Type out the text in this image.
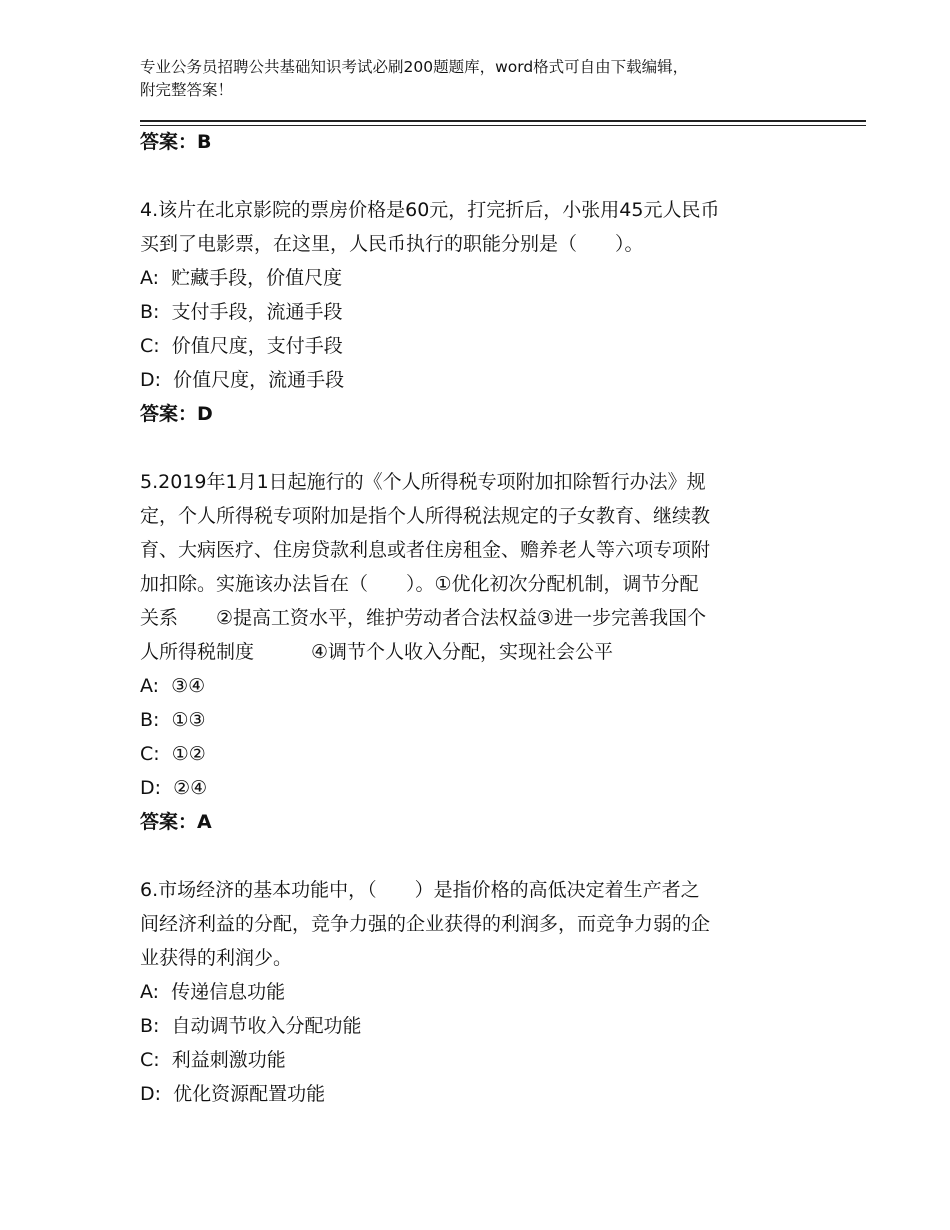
专业公务员招聘公共基础知识考试必刷200题题库，word格式可自由下载编辑，
附完整答案！

答案：B

4.该片在北京影院的票房价格是60元，打完折后，小张用45元人民币

买到了电影票，在这里，人民币执行的职能分别是（　　）。

A:  贮藏手段，价值尺度

B:  支付手段，流通手段

C:  价值尺度，支付手段

D:  价值尺度，流通手段

答案：D

5.2019年1月1日起施行的《个人所得税专项附加扣除暂行办法》规

定，个人所得税专项附加是指个人所得税法规定的子女教育、继续教

育、大病医疗、住房贷款利息或者住房租金、赡养老人等六项专项附

加扣除。实施该办法旨在（　　）。①优化初次分配机制，调节分配

关系　　②提高工资水平，维护劳动者合法权益③进一步完善我国个

人所得税制度　　　④调节个人收入分配，实现社会公平

A:  ③④

B:  ①③

C:  ①②

D:  ②④

答案：A

6.市场经济的基本功能中，（　　）是指价格的高低决定着生产者之

间经济利益的分配，竞争力强的企业获得的利润多，而竞争力弱的企

业获得的利润少。

A:  传递信息功能

B:  自动调节收入分配功能

C:  利益刺激功能

D:  优化资源配置功能
